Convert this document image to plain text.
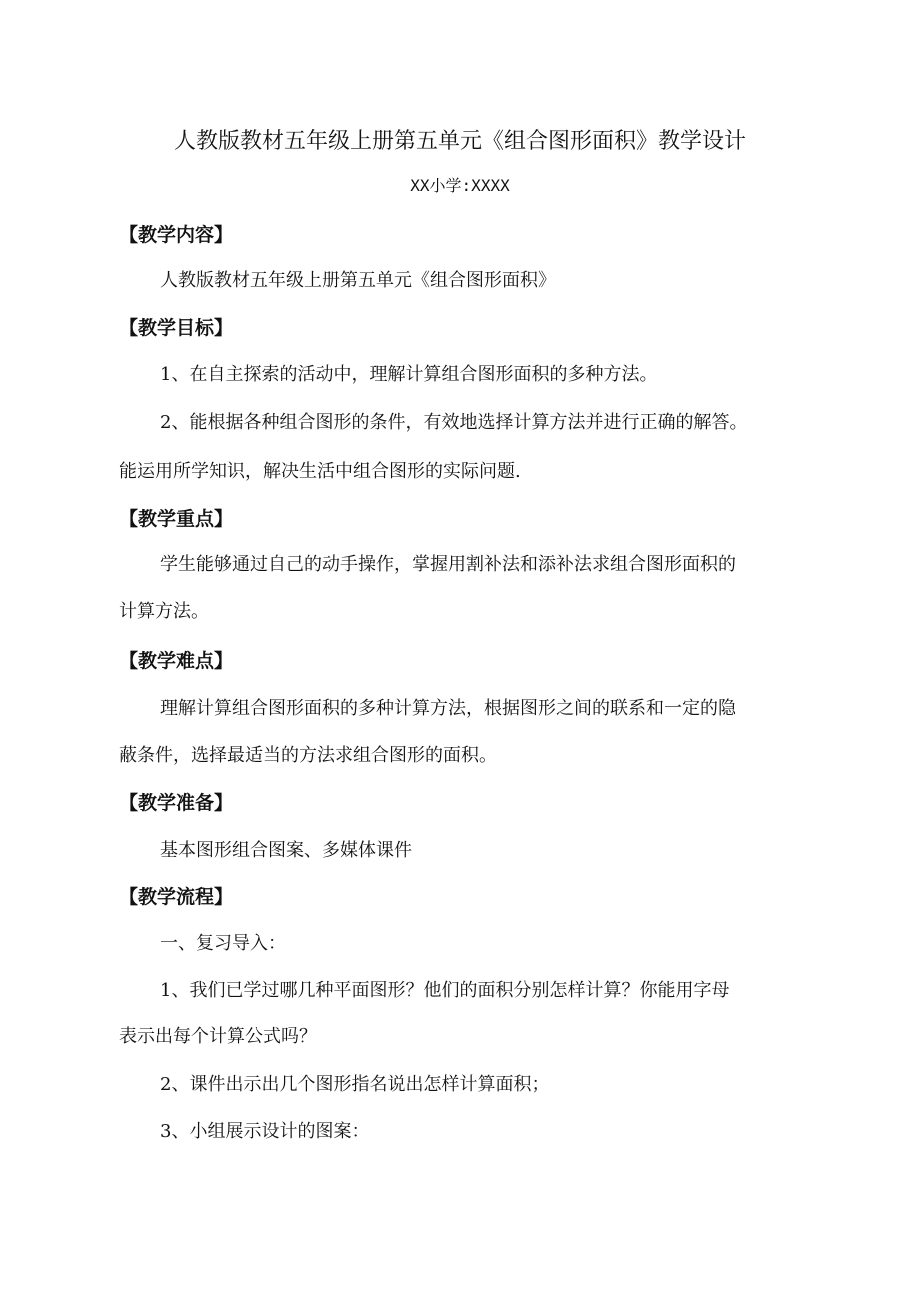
人教版教材五年级上册第五单元《组合图形面积》教学设计
XX小学:XXXX
【教学内容】
人教版教材五年级上册第五单元《组合图形面积》
【教学目标】
1、在自主探索的活动中，理解计算组合图形面积的多种方法。
2、能根据各种组合图形的条件，有效地选择计算方法并进行正确的解答。
能运用所学知识，解决生活中组合图形的实际问题.
【教学重点】
学生能够通过自己的动手操作，掌握用割补法和添补法求组合图形面积的
计算方法。
【教学难点】
理解计算组合图形面积的多种计算方法，根据图形之间的联系和一定的隐
蔽条件，选择最适当的方法求组合图形的面积。
【教学准备】
基本图形组合图案、多媒体课件
【教学流程】
一、复习导入：
1、我们已学过哪几种平面图形？他们的面积分别怎样计算？你能用字母
表示出每个计算公式吗？
2、课件出示出几个图形指名说出怎样计算面积；
3、小组展示设计的图案：
